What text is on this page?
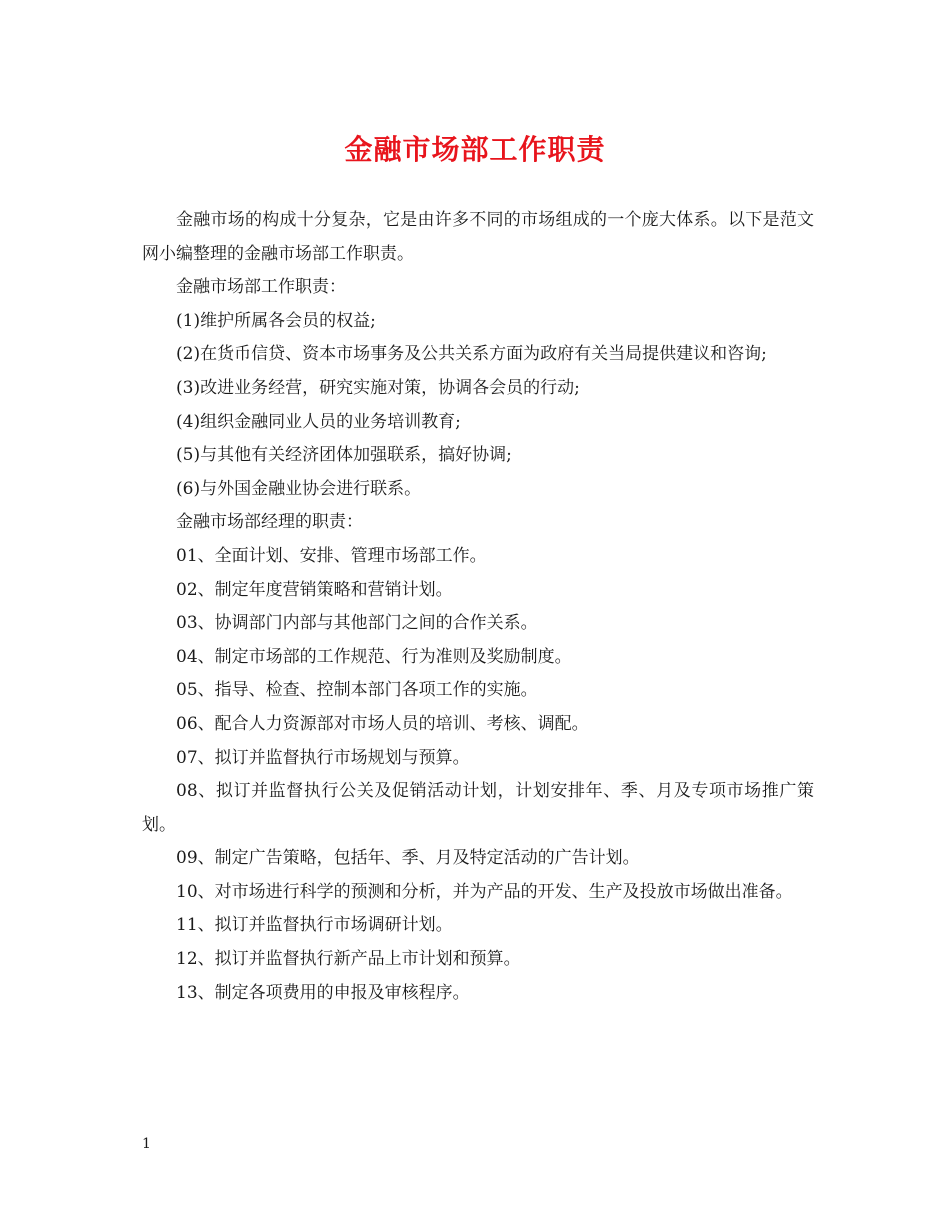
金融市场部工作职责

金融市场的构成十分复杂，它是由许多不同的市场组成的一个庞大体系。以下是范文网小编整理的金融市场部工作职责。

金融市场部工作职责：

(1)维护所属各会员的权益;

(2)在货币信贷、资本市场事务及公共关系方面为政府有关当局提供建议和咨询;

(3)改进业务经营，研究实施对策，协调各会员的行动;

(4)组织金融同业人员的业务培训教育;

(5)与其他有关经济团体加强联系，搞好协调;

(6)与外国金融业协会进行联系。

金融市场部经理的职责：

01、全面计划、安排、管理市场部工作。

02、制定年度营销策略和营销计划。

03、协调部门内部与其他部门之间的合作关系。

04、制定市场部的工作规范、行为准则及奖励制度。

05、指导、检查、控制本部门各项工作的实施。

06、配合人力资源部对市场人员的培训、考核、调配。

07、拟订并监督执行市场规划与预算。

08、拟订并监督执行公关及促销活动计划，计划安排年、季、月及专项市场推广策划。

09、制定广告策略，包括年、季、月及特定活动的广告计划。

10、对市场进行科学的预测和分析，并为产品的开发、生产及投放市场做出准备。

11、拟订并监督执行市场调研计划。

12、拟订并监督执行新产品上市计划和预算。

13、制定各项费用的申报及审核程序。

1
